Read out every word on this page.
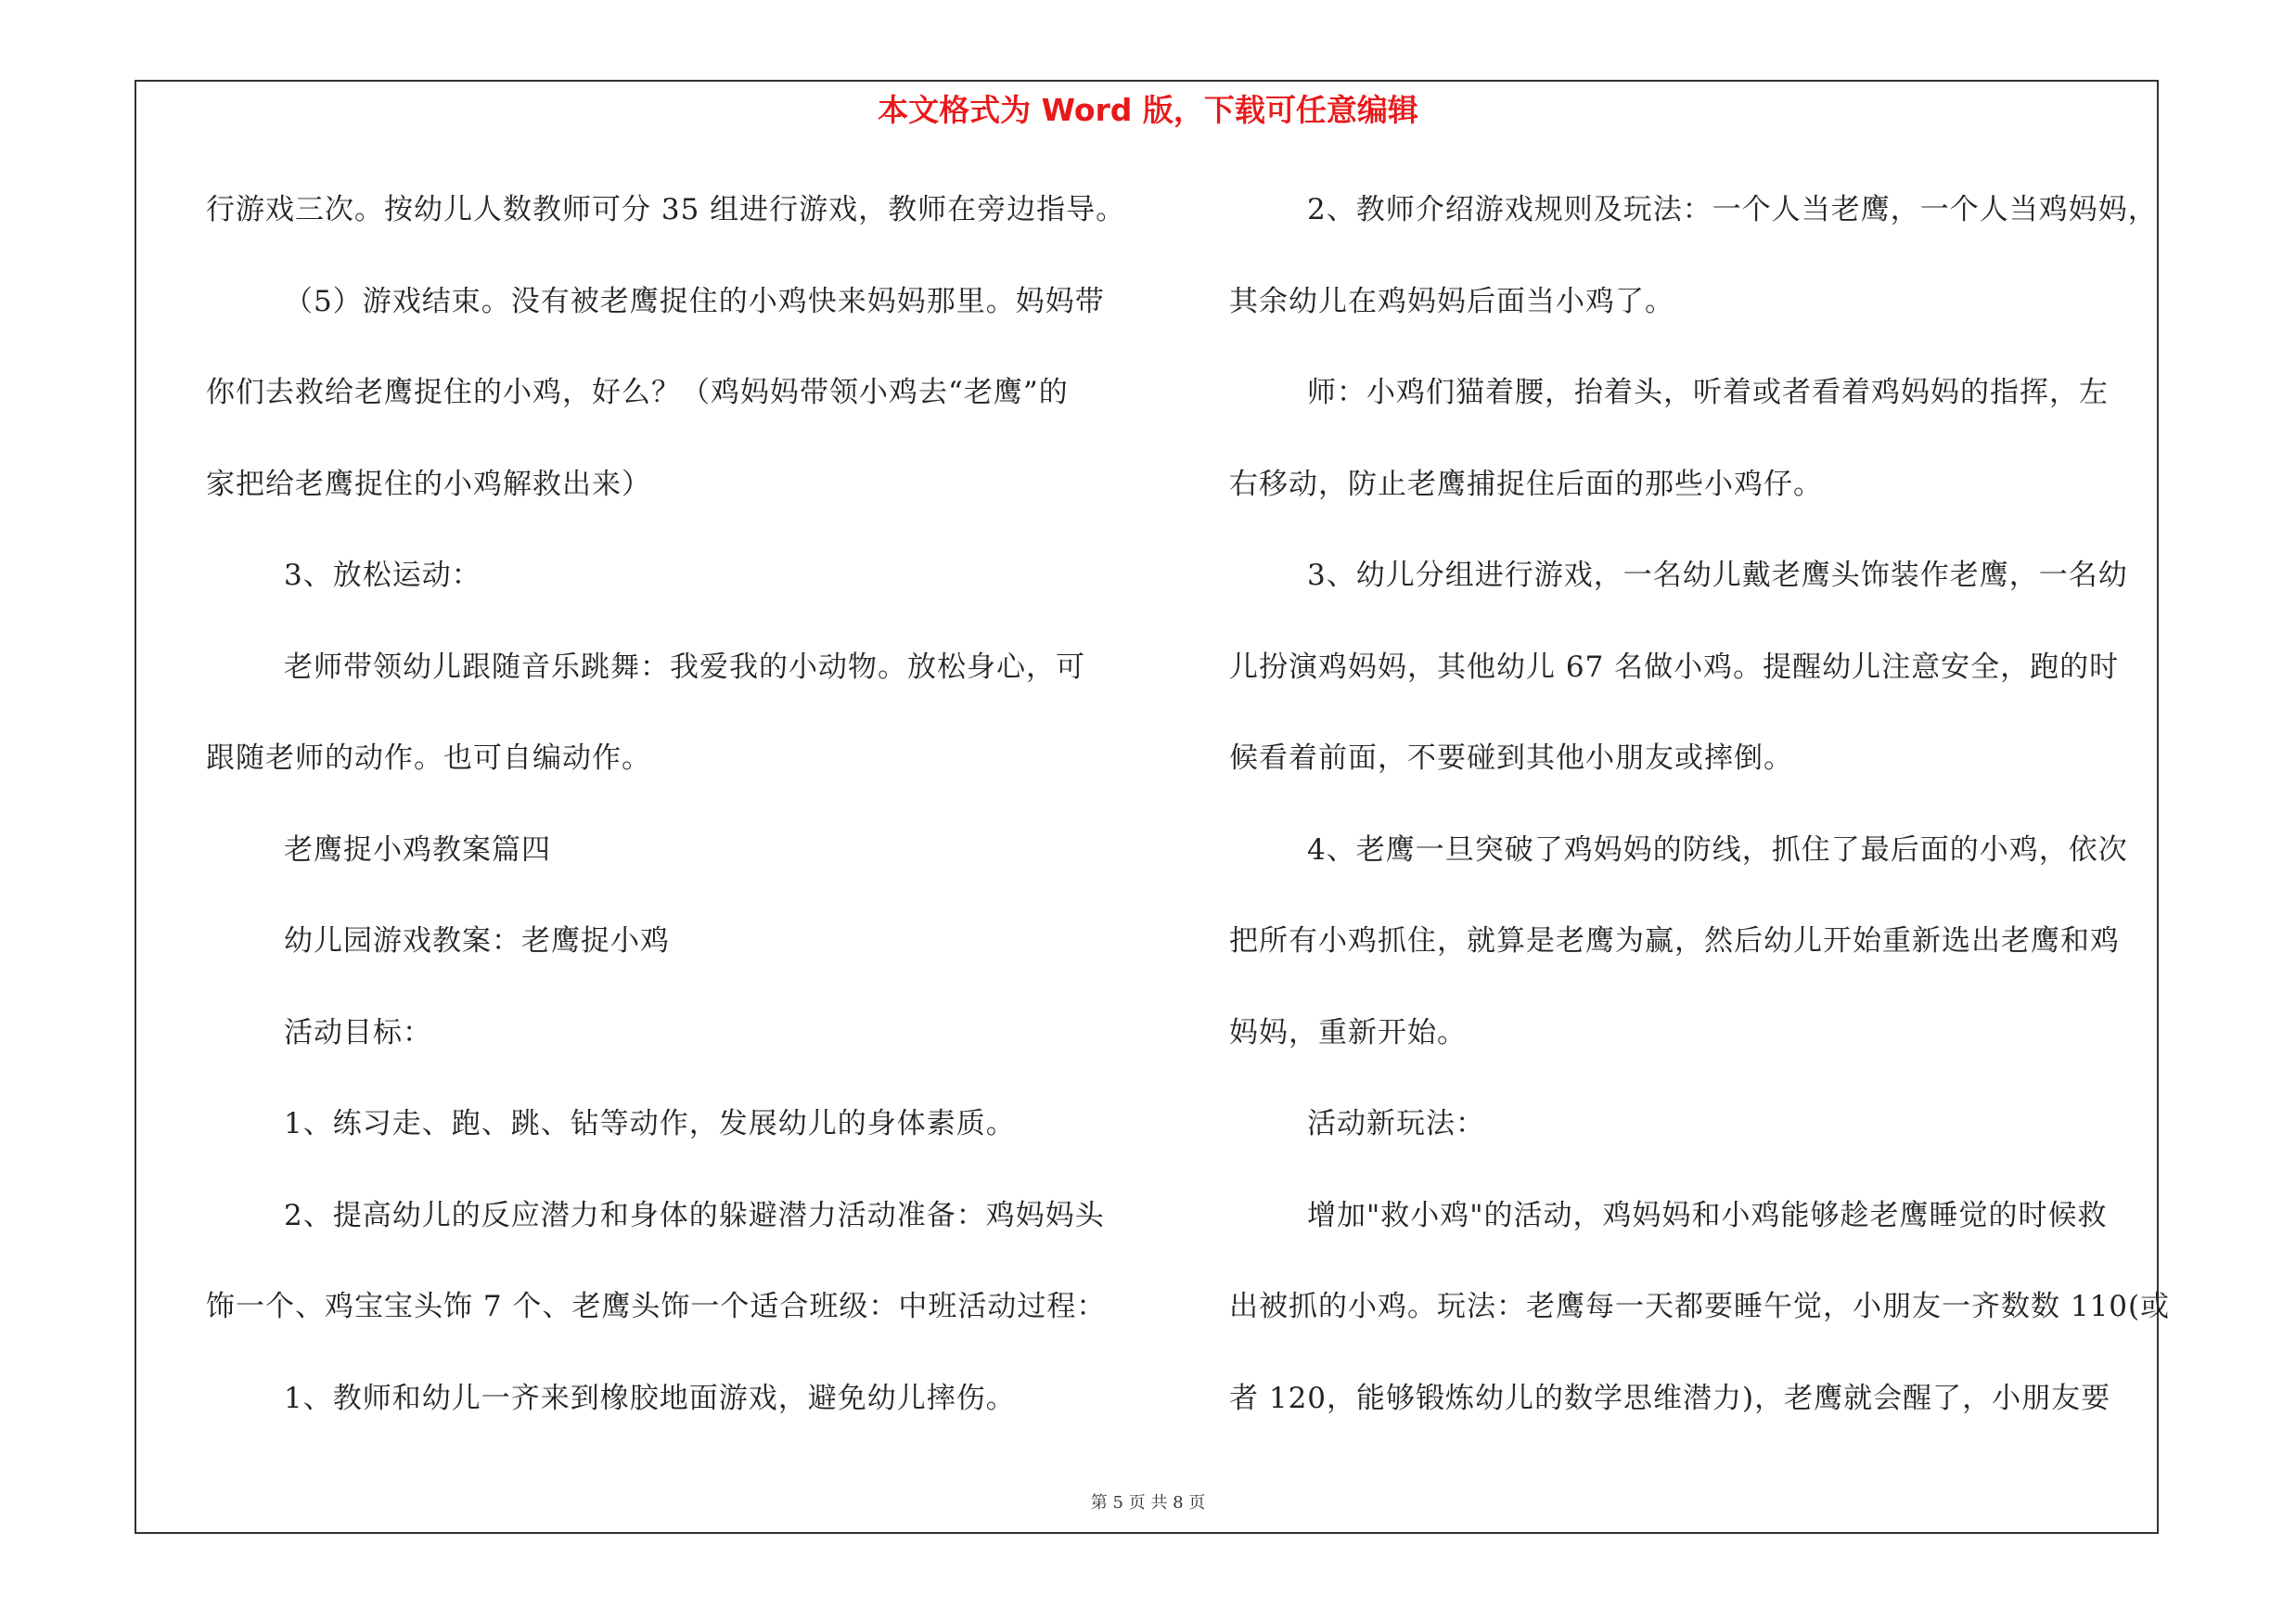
本文格式为 Word 版，下载可任意编辑
行游戏三次。按幼儿人数教师可分 35 组进行游戏，教师在旁边指导。
（5）游戏结束。没有被老鹰捉住的小鸡快来妈妈那里。妈妈带
你们去救给老鹰捉住的小鸡，好么？（鸡妈妈带领小鸡去“老鹰”的
家把给老鹰捉住的小鸡解救出来）
3、放松运动：
老师带领幼儿跟随音乐跳舞：我爱我的小动物。放松身心，可
跟随老师的动作。也可自编动作。
老鹰捉小鸡教案篇四
幼儿园游戏教案：老鹰捉小鸡
活动目标：
1、练习走、跑、跳、钻等动作，发展幼儿的身体素质。
2、提高幼儿的反应潜力和身体的躲避潜力活动准备：鸡妈妈头
饰一个、鸡宝宝头饰 7 个、老鹰头饰一个适合班级：中班活动过程：
1、教师和幼儿一齐来到橡胶地面游戏，避免幼儿摔伤。
2、教师介绍游戏规则及玩法：一个人当老鹰，一个人当鸡妈妈，
其余幼儿在鸡妈妈后面当小鸡了。
师：小鸡们猫着腰，抬着头，听着或者看着鸡妈妈的指挥，左
右移动，防止老鹰捕捉住后面的那些小鸡仔。
3、幼儿分组进行游戏，一名幼儿戴老鹰头饰装作老鹰，一名幼
儿扮演鸡妈妈，其他幼儿 67 名做小鸡。提醒幼儿注意安全，跑的时
候看着前面，不要碰到其他小朋友或摔倒。
4、老鹰一旦突破了鸡妈妈的防线，抓住了最后面的小鸡，依次
把所有小鸡抓住，就算是老鹰为赢，然后幼儿开始重新选出老鹰和鸡
妈妈，重新开始。
活动新玩法：
增加"救小鸡"的活动，鸡妈妈和小鸡能够趁老鹰睡觉的时候救
出被抓的小鸡。玩法：老鹰每一天都要睡午觉，小朋友一齐数数 110(或
者 120，能够锻炼幼儿的数学思维潜力)，老鹰就会醒了，小朋友要
第 5 页 共 8 页
